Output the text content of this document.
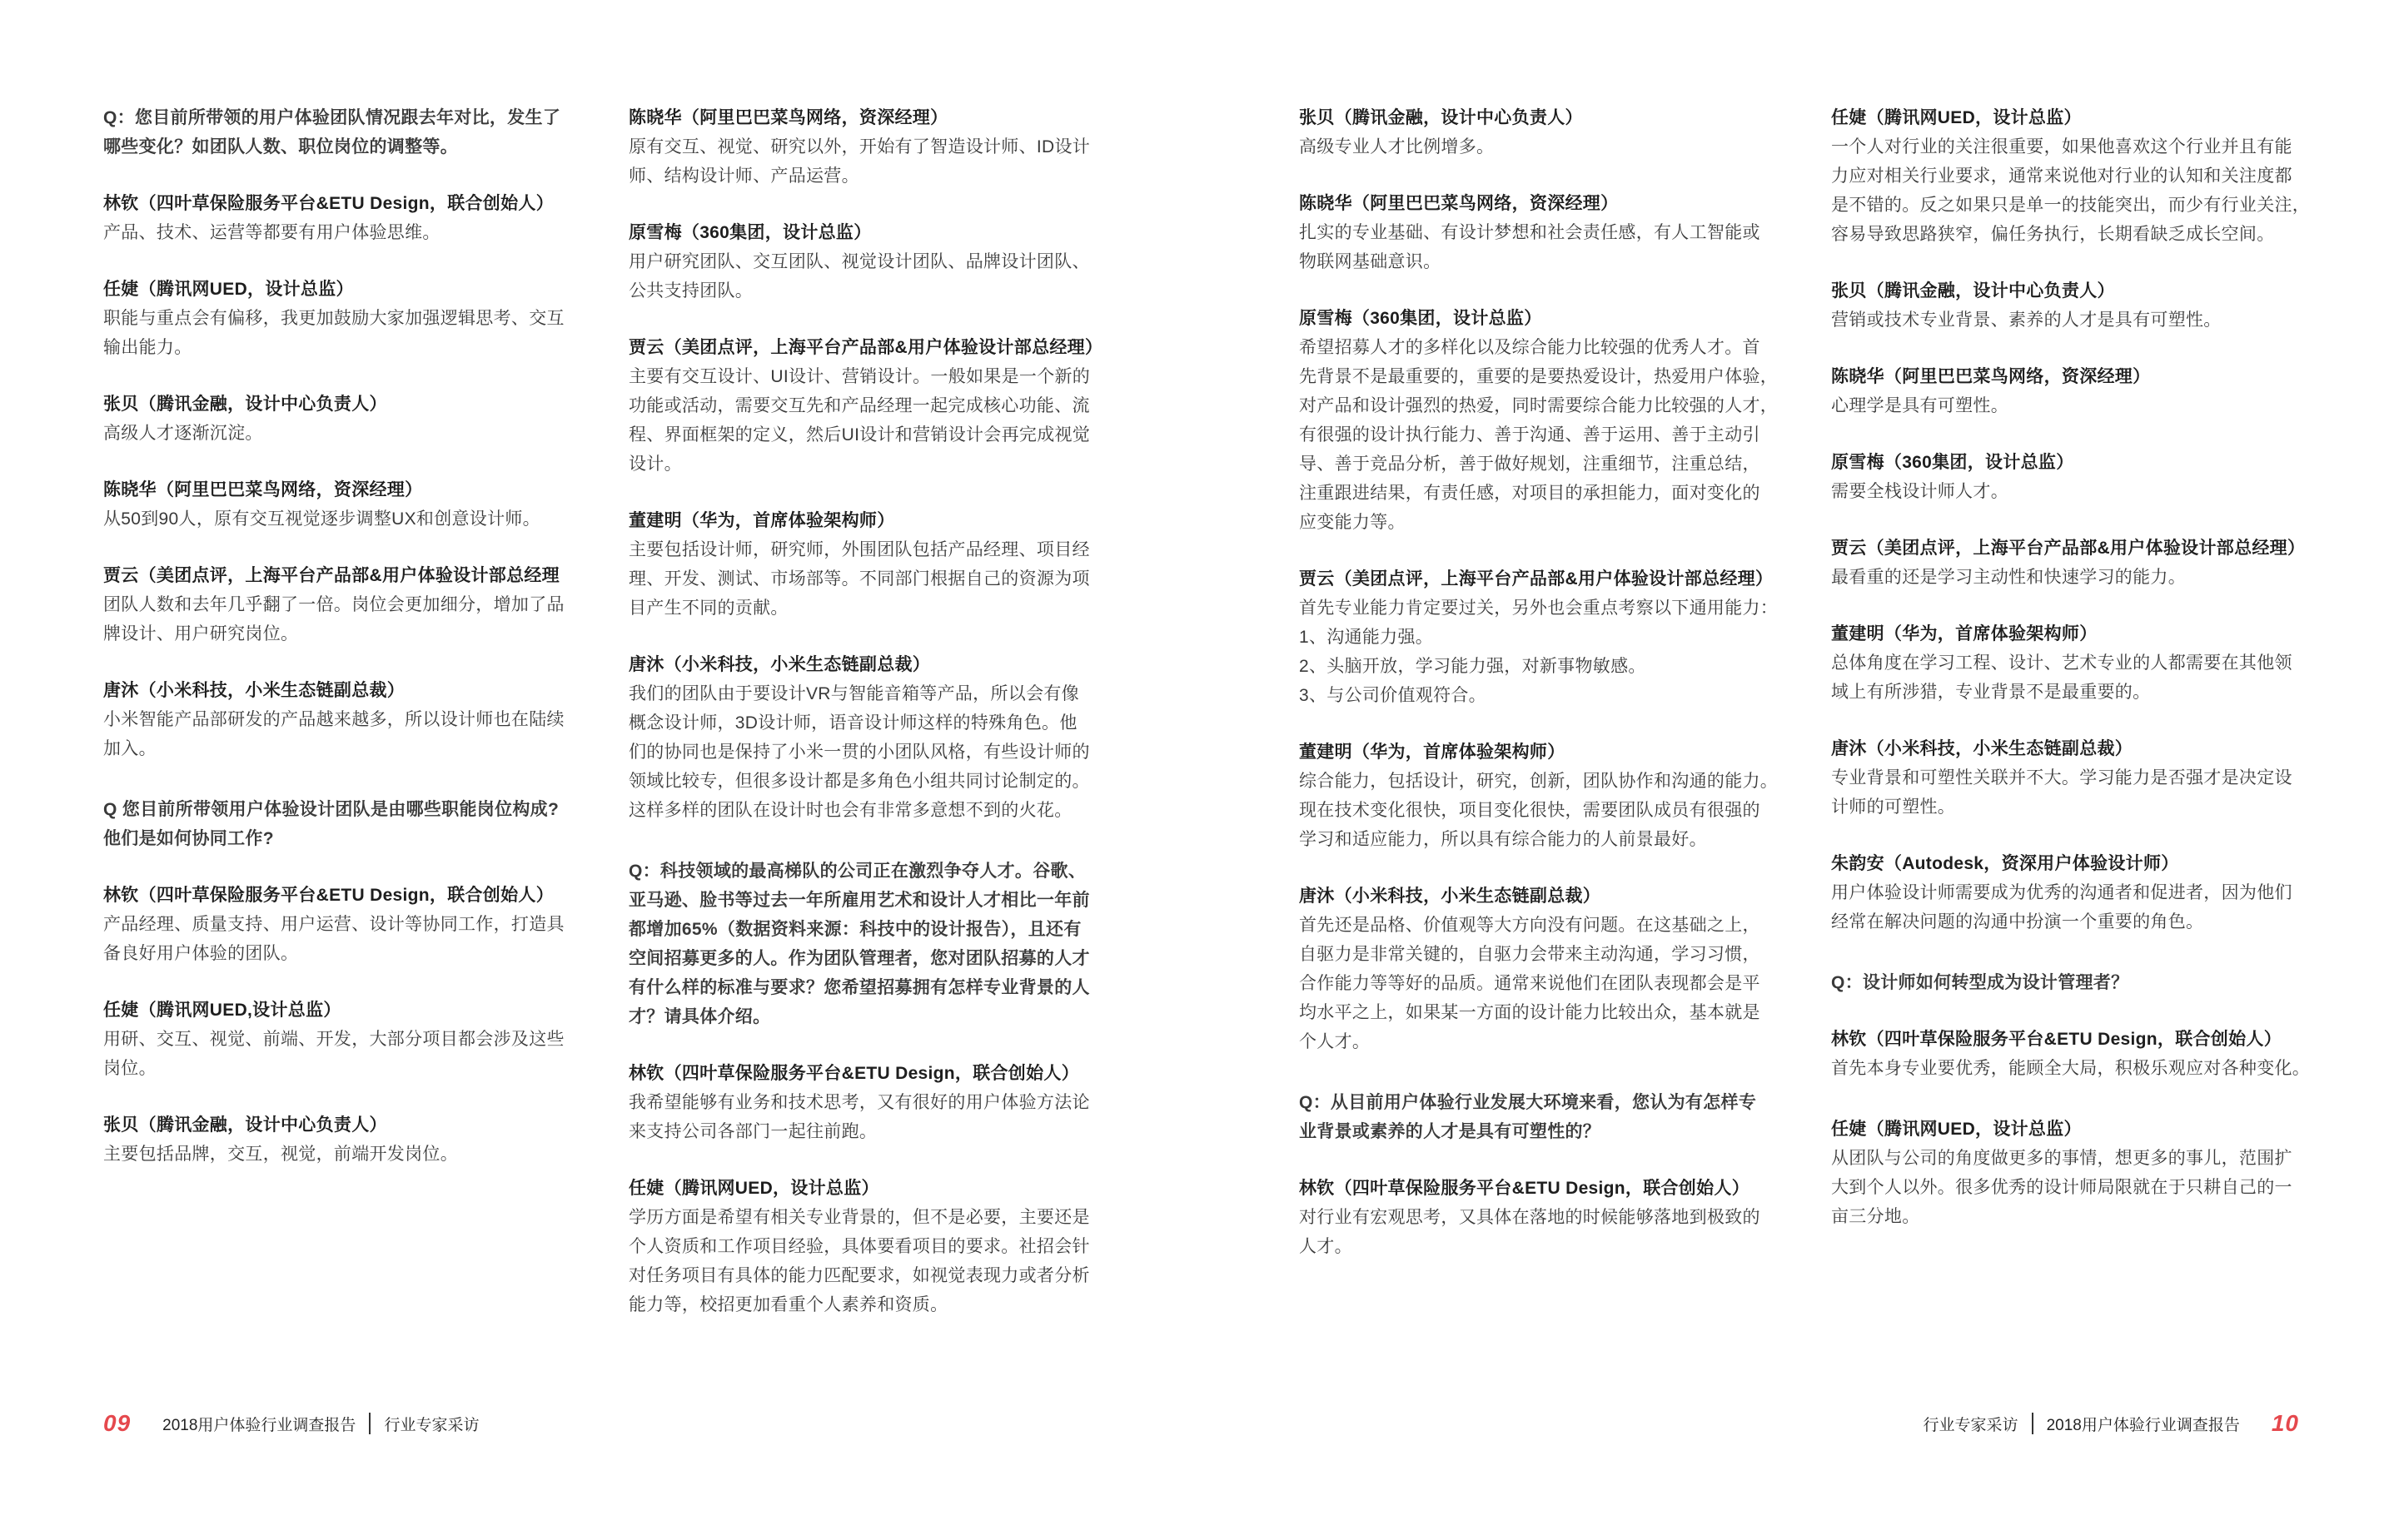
Q：您目前所带领的用户体验团队情况跟去年对比，发生了
哪些变化？如团队人数、职位岗位的调整等。
林钦（四叶草保险服务平台&ETU Design，联合创始人）
产品、技术、运营等都要有用户体验思维。
任婕（腾讯网UED，设计总监）
职能与重点会有偏移，我更加鼓励大家加强逻辑思考、交互
输出能力。
张贝（腾讯金融，设计中心负责人）
高级人才逐渐沉淀。
陈晓华（阿里巴巴菜鸟网络，资深经理）
从50到90人，原有交互视觉逐步调整UX和创意设计师。
贾云（美团点评，上海平台产品部&用户体验设计部总经理
团队人数和去年几乎翻了一倍。岗位会更加细分，增加了品
牌设计、用户研究岗位。
唐沐（小米科技，小米生态链副总裁）
小米智能产品部研发的产品越来越多，所以设计师也在陆续
加入。
Q 您目前所带领用户体验设计团队是由哪些职能岗位构成?
他们是如何协同工作?
林钦（四叶草保险服务平台&ETU Design，联合创始人）
产品经理、质量支持、用户运营、设计等协同工作，打造具
备良好用户体验的团队。
任婕（腾讯网UED,设计总监）
用研、交互、视觉、前端、开发，大部分项目都会涉及这些
岗位。
张贝（腾讯金融，设计中心负责人）
主要包括品牌，交互，视觉，前端开发岗位。
陈晓华（阿里巴巴菜鸟网络，资深经理）
原有交互、视觉、研究以外，开始有了智造设计师、ID设计
师、结构设计师、产品运营。
原雪梅（360集团，设计总监）
用户研究团队、交互团队、视觉设计团队、品牌设计团队、
公共支持团队。
贾云（美团点评，上海平台产品部&用户体验设计部总经理）
主要有交互设计、UI设计、营销设计。一般如果是一个新的
功能或活动，需要交互先和产品经理一起完成核心功能、流
程、界面框架的定义，然后UI设计和营销设计会再完成视觉
设计。
董建明（华为，首席体验架构师）
主要包括设计师，研究师，外围团队包括产品经理、项目经
理、开发、测试、市场部等。不同部门根据自己的资源为项
目产生不同的贡献。
唐沐（小米科技，小米生态链副总裁）
我们的团队由于要设计VR与智能音箱等产品，所以会有像
概念设计师，3D设计师，语音设计师这样的特殊角色。他
们的协同也是保持了小米一贯的小团队风格，有些设计师的
领域比较专，但很多设计都是多角色小组共同讨论制定的。
这样多样的团队在设计时也会有非常多意想不到的火花。
Q：科技领域的最高梯队的公司正在激烈争夺人才。谷歌、
亚马逊、脸书等过去一年所雇用艺术和设计人才相比一年前
都增加65%（数据资料来源：科技中的设计报告），且还有
空间招募更多的人。作为团队管理者，您对团队招募的人才
有什么样的标准与要求？您希望招募拥有怎样专业背景的人
才？请具体介绍。
林钦（四叶草保险服务平台&ETU Design，联合创始人）
我希望能够有业务和技术思考，又有很好的用户体验方法论
来支持公司各部门一起往前跑。
任婕（腾讯网UED，设计总监）
学历方面是希望有相关专业背景的，但不是必要，主要还是
个人资质和工作项目经验，具体要看项目的要求。社招会针
对任务项目有具体的能力匹配要求，如视觉表现力或者分析
能力等，校招更加看重个人素养和资质。
张贝（腾讯金融，设计中心负责人）
高级专业人才比例增多。
陈晓华（阿里巴巴菜鸟网络，资深经理）
扎实的专业基础、有设计梦想和社会责任感，有人工智能或
物联网基础意识。
原雪梅（360集团，设计总监）
希望招募人才的多样化以及综合能力比较强的优秀人才。首
先背景不是最重要的，重要的是要热爱设计，热爱用户体验，
对产品和设计强烈的热爱，同时需要综合能力比较强的人才，
有很强的设计执行能力、善于沟通、善于运用、善于主动引
导、善于竞品分析，善于做好规划，注重细节，注重总结，
注重跟进结果，有责任感，对项目的承担能力，面对变化的
应变能力等。
贾云（美团点评，上海平台产品部&用户体验设计部总经理）
首先专业能力肯定要过关，另外也会重点考察以下通用能力：
1、沟通能力强。
2、头脑开放，学习能力强，对新事物敏感。
3、与公司价值观符合。
董建明（华为，首席体验架构师）
综合能力，包括设计，研究，创新，团队协作和沟通的能力。
现在技术变化很快，项目变化很快，需要团队成员有很强的
学习和适应能力，所以具有综合能力的人前景最好。
唐沐（小米科技，小米生态链副总裁）
首先还是品格、价值观等大方向没有问题。在这基础之上，
自驱力是非常关键的，自驱力会带来主动沟通，学习习惯，
合作能力等等好的品质。通常来说他们在团队表现都会是平
均水平之上，如果某一方面的设计能力比较出众，基本就是
个人才。
Q：从目前用户体验行业发展大环境来看，您认为有怎样专
业背景或素养的人才是具有可塑性的？
林钦（四叶草保险服务平台&ETU Design，联合创始人）
对行业有宏观思考，又具体在落地的时候能够落地到极致的
人才。
任婕（腾讯网UED，设计总监）
一个人对行业的关注很重要，如果他喜欢这个行业并且有能
力应对相关行业要求，通常来说他对行业的认知和关注度都
是不错的。反之如果只是单一的技能突出，而少有行业关注，
容易导致思路狭窄，偏任务执行，长期看缺乏成长空间。
张贝（腾讯金融，设计中心负责人）
营销或技术专业背景、素养的人才是具有可塑性。
陈晓华（阿里巴巴菜鸟网络，资深经理）
心理学是具有可塑性。
原雪梅（360集团，设计总监）
需要全栈设计师人才。
贾云（美团点评，上海平台产品部&用户体验设计部总经理）
最看重的还是学习主动性和快速学习的能力。
董建明（华为，首席体验架构师）
总体角度在学习工程、设计、艺术专业的人都需要在其他领
域上有所涉猎，专业背景不是最重要的。
唐沐（小米科技，小米生态链副总裁）
专业背景和可塑性关联并不大。学习能力是否强才是决定设
计师的可塑性。
朱韵安（Autodesk，资深用户体验设计师）
用户体验设计师需要成为优秀的沟通者和促进者，因为他们
经常在解决问题的沟通中扮演一个重要的角色。
Q：设计师如何转型成为设计管理者？
林钦（四叶草保险服务平台&ETU Design，联合创始人）
首先本身专业要优秀，能顾全大局，积极乐观应对各种变化。
任婕（腾讯网UED，设计总监）
从团队与公司的角度做更多的事情，想更多的事儿，范围扩
大到个人以外。很多优秀的设计师局限就在于只耕自己的一
亩三分地。
09 2018用户体验行业调查报告 行业专家采访	行业专家采访 2018用户体验行业调查报告 10
